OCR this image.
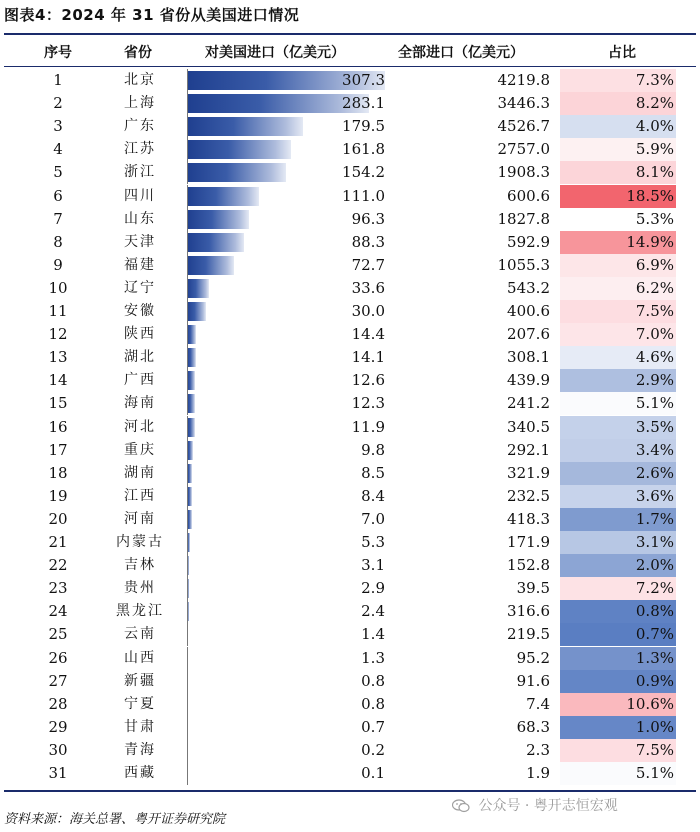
图表4：2024 年 31 省份从美国进口情况
序号	省份	对美国进口（亿美元）	全部进口（亿美元）	占比
1	北京	307.3	4219.8	7.3%
2	上海	283.1	3446.3	8.2%
3	广东	179.5	4526.7	4.0%
4	江苏	161.8	2757.0	5.9%
5	浙江	154.2	1908.3	8.1%
6	四川	111.0	600.6	18.5%
7	山东	96.3	1827.8	5.3%
8	天津	88.3	592.9	14.9%
9	福建	72.7	1055.3	6.9%
10	辽宁	33.6	543.2	6.2%
11	安徽	30.0	400.6	7.5%
12	陕西	14.4	207.6	7.0%
13	湖北	14.1	308.1	4.6%
14	广西	12.6	439.9	2.9%
15	海南	12.3	241.2	5.1%
16	河北	11.9	340.5	3.5%
17	重庆	9.8	292.1	3.4%
18	湖南	8.5	321.9	2.6%
19	江西	8.4	232.5	3.6%
20	河南	7.0	418.3	1.7%
21	内蒙古	5.3	171.9	3.1%
22	吉林	3.1	152.8	2.0%
23	贵州	2.9	39.5	7.2%
24	黑龙江	2.4	316.6	0.8%
25	云南	1.4	219.5	0.7%
26	山西	1.3	95.2	1.3%
27	新疆	0.8	91.6	0.9%
28	宁夏	0.8	7.4	10.6%
29	甘肃	0.7	68.3	1.0%
30	青海	0.2	2.3	7.5%
31	西藏	0.1	1.9	5.1%
资料来源：海关总署、粤开证券研究院
公众号 · 粤开志恒宏观
